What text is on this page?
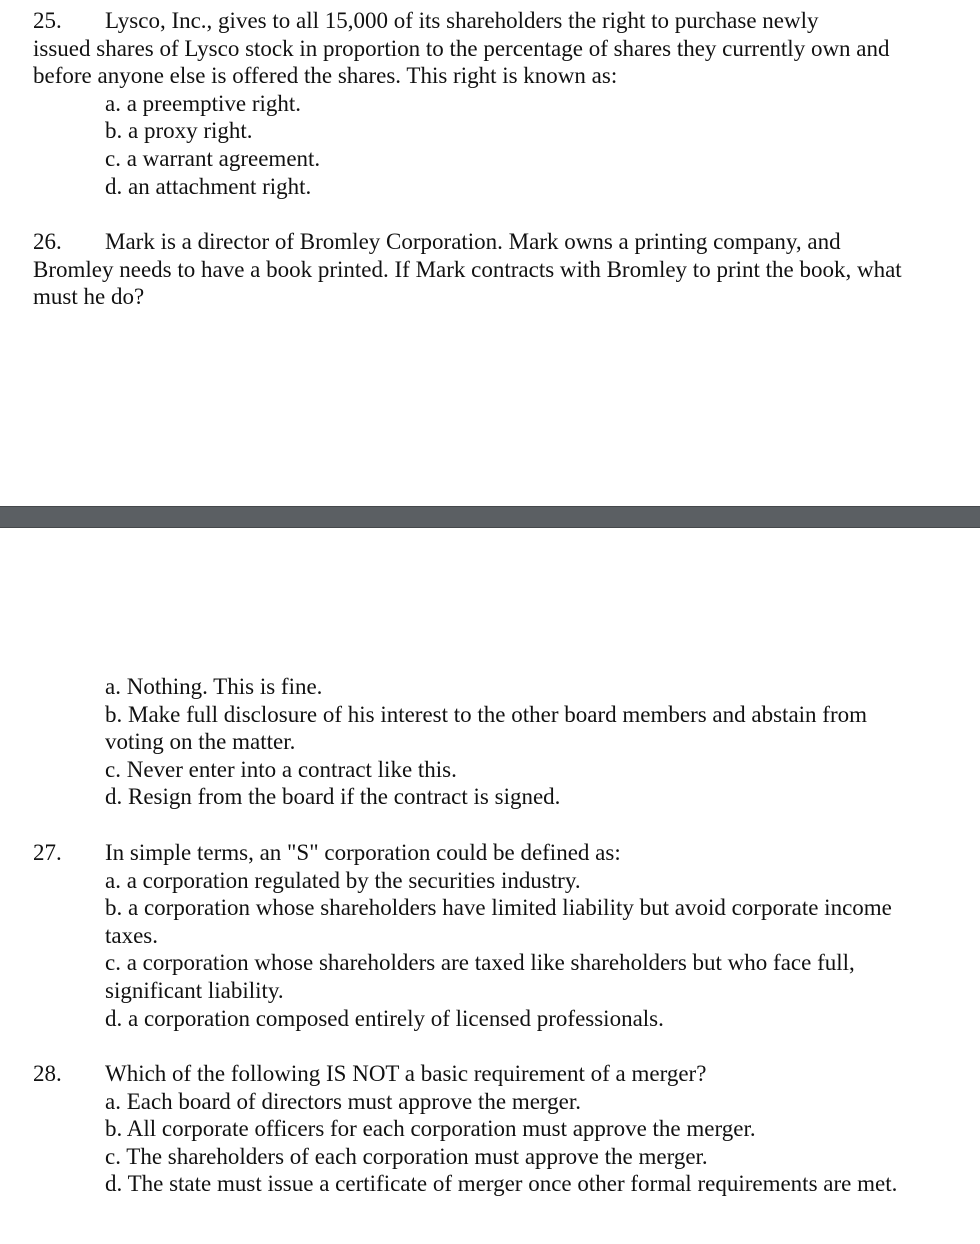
25. Lysco, Inc., gives to all 15,000 of its shareholders the right to purchase newly

issued shares of Lysco stock in proportion to the percentage of shares they currently own and before anyone else is offered the shares. This right is known as:

a. a preemptive right.
b. a proxy right.
c. a warrant agreement.
d. an attachment right.

26. Mark is a director of Bromley Corporation. Mark owns a printing company, and

Bromley needs to have a book printed. If Mark contracts with Bromley to print the book, what must he do?

a. Nothing. This is fine.
b. Make full disclosure of his interest to the other board members and abstain from voting on the matter.
c. Never enter into a contract like this.
d. Resign from the board if the contract is signed.
27.	In simple terms, an "S" corporation could be defined as:

a. a corporation regulated by the securities industry.

b. a corporation whose shareholders have limited liability but avoid corporate income taxes.

c. a corporation whose shareholders are taxed like shareholders but who face full, significant liability.

d. a corporation composed entirely of licensed professionals.

28.	Which of the following IS NOT a basic requirement of a merger?

a. Each board of directors must approve the merger.

b. All corporate officers for each corporation must approve the merger.

c. The shareholders of each corporation must approve the merger.

d. The state must issue a certificate of merger once other formal requirements are met.
